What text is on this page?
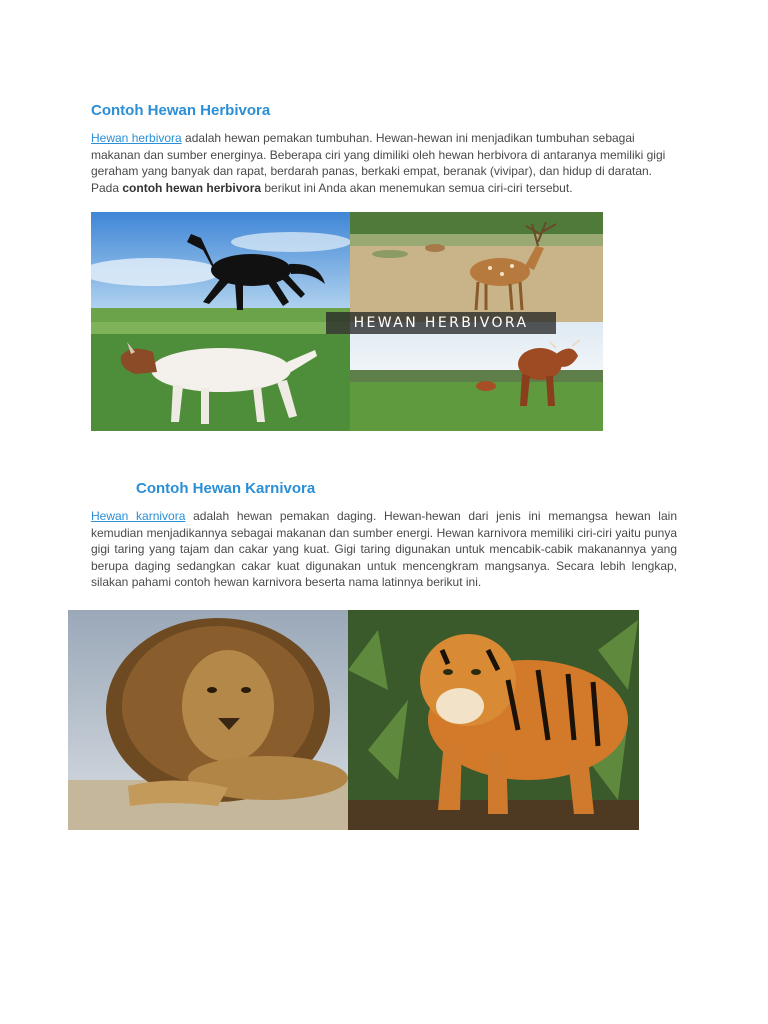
Contoh Hewan Herbivora

Hewan herbivora adalah hewan pemakan tumbuhan. Hewan-hewan ini menjadikan tumbuhan sebagai makanan dan sumber energinya. Beberapa ciri yang dimiliki oleh hewan herbivora di antaranya memiliki gigi geraham yang banyak dan rapat, berdarah panas, berkaki empat, beranak (vivipar), dan hidup di daratan. Pada contoh hewan herbivora berikut ini Anda akan menemukan semua ciri-ciri tersebut.

HEWAN HERBIVORA
Contoh Hewan Karnivora

Hewan karnivora adalah hewan pemakan daging. Hewan-hewan dari jenis ini memangsa hewan lain kemudian menjadikannya sebagai makanan dan sumber energi. Hewan karnivora memiliki ciri-ciri yaitu punya gigi taring yang tajam dan cakar yang kuat. Gigi taring digunakan untuk mencabik-cabik makanannya yang berupa daging sedangkan cakar kuat digunakan untuk mencengkram mangsanya. Secara lebih lengkap, silakan pahami contoh hewan karnivora beserta nama latinnya berikut ini.
